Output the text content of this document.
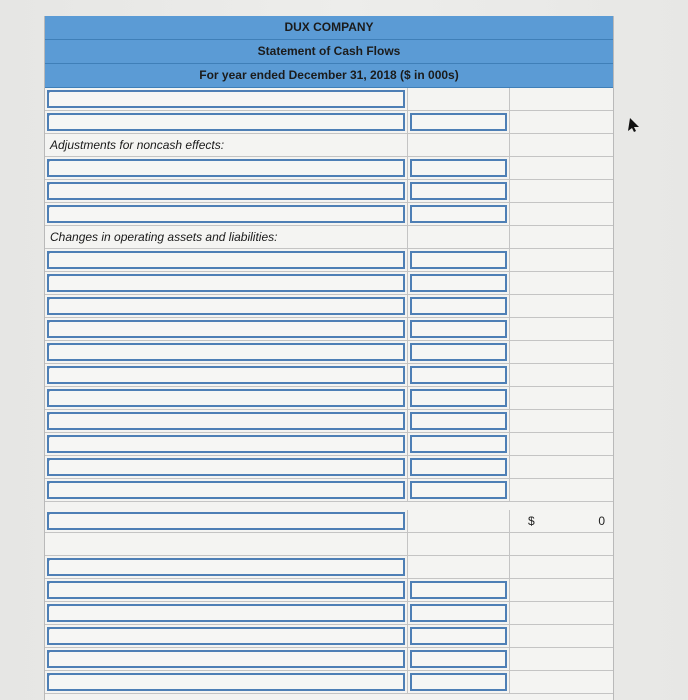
DUX COMPANY
Statement of Cash Flows
For year ended December 31, 2018 ($ in 000s)
Adjustments for noncash effects:
Changes in operating assets and liabilities:
$	0
